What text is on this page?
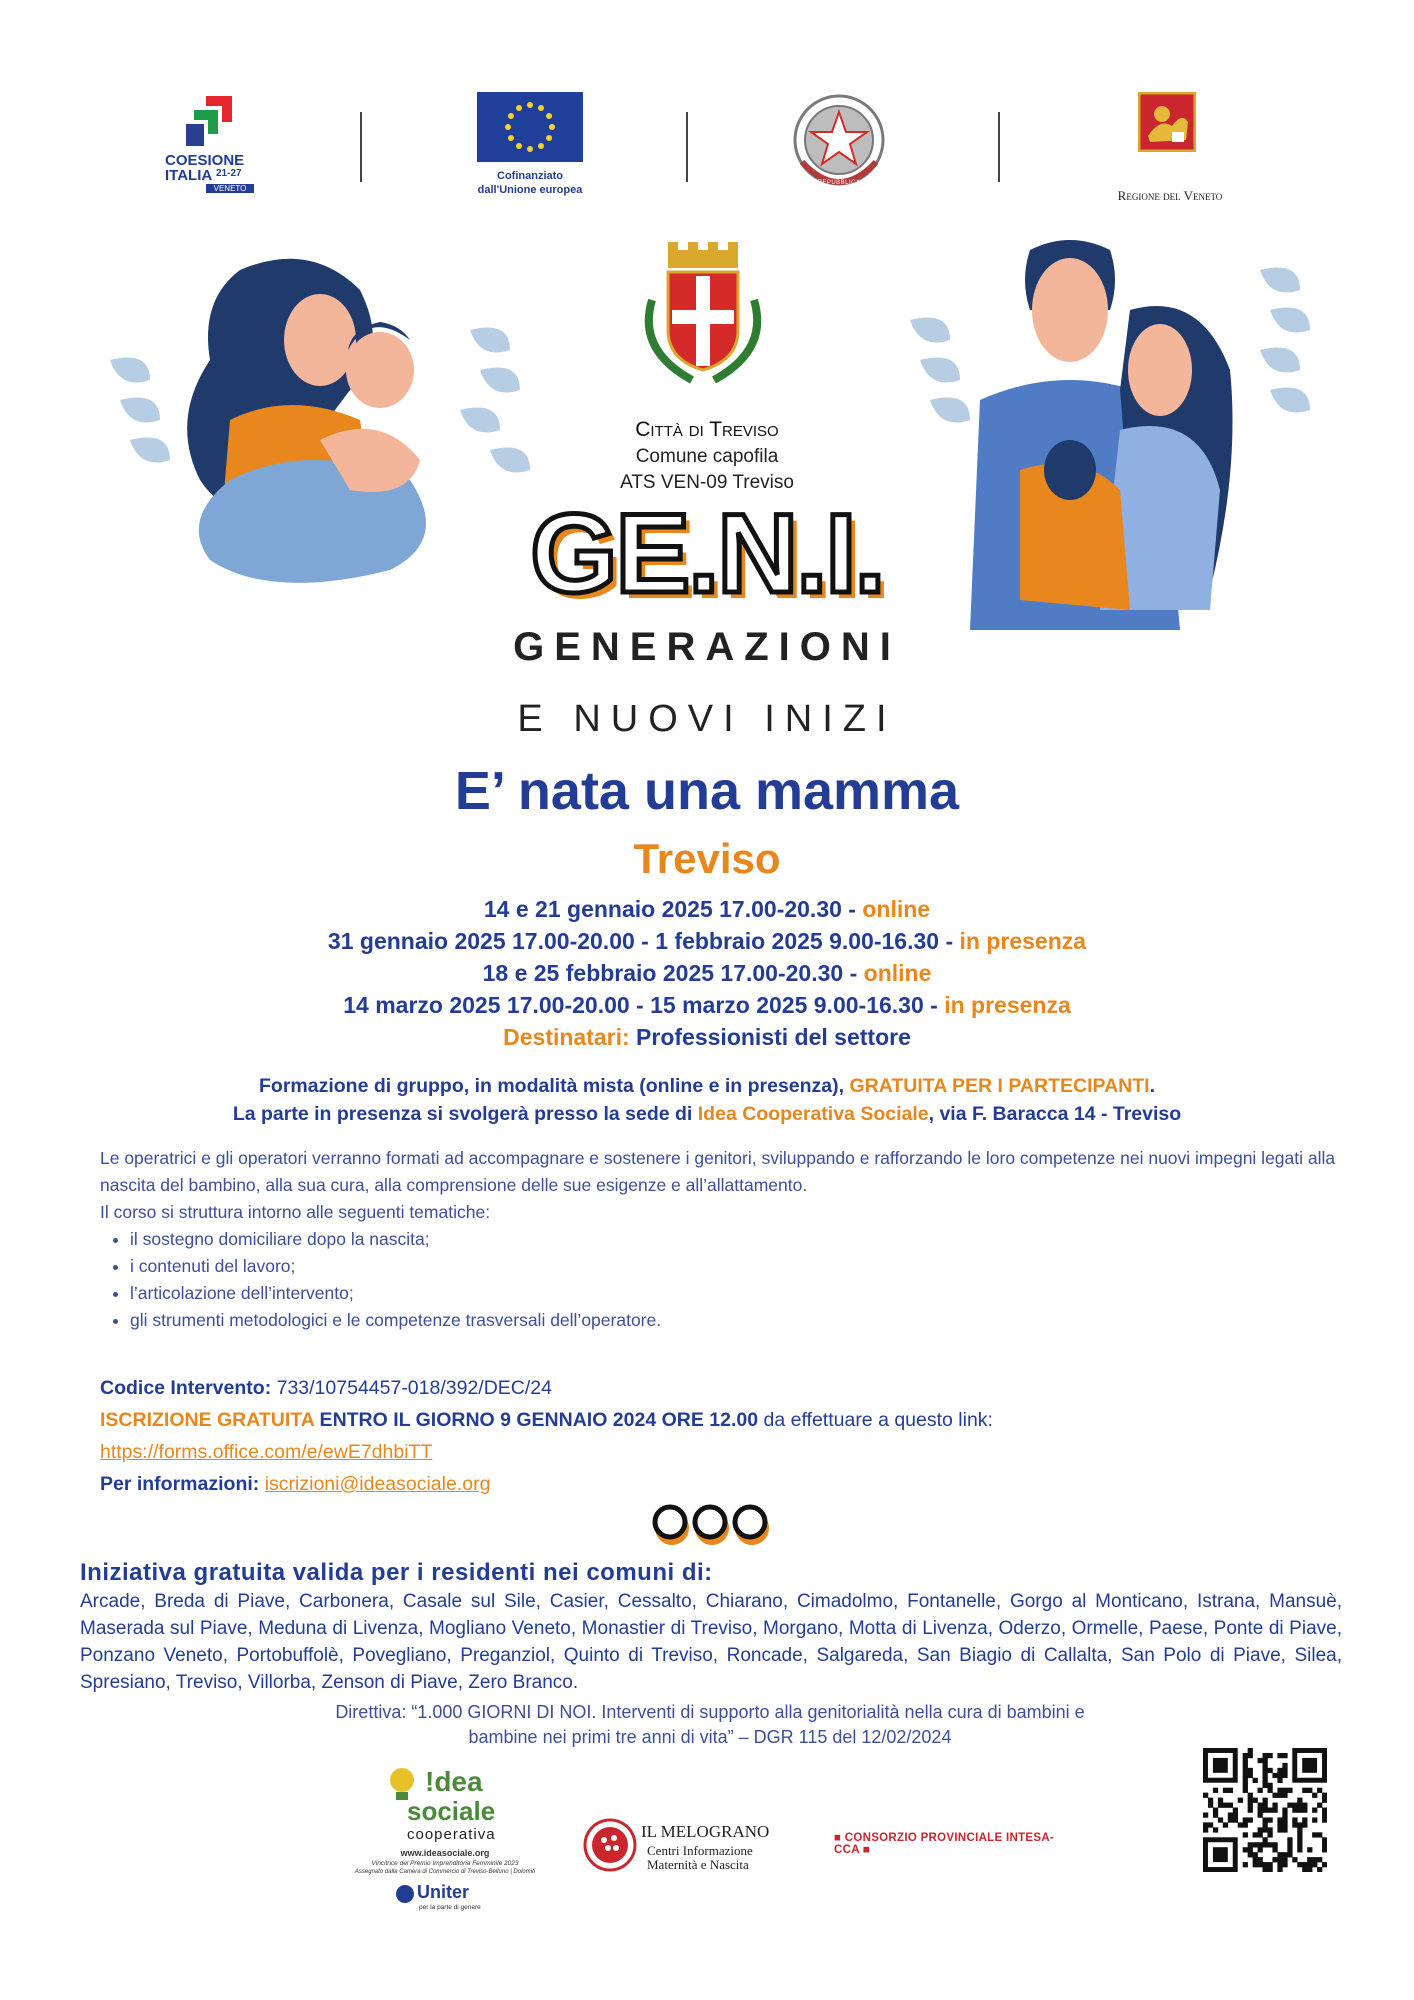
COESIONE
ITALIA 21-27
VENETO
Cofinanziato
dall'Unione europea
REPUBBLICA ITALIANA	Regione del Veneto
Città di Treviso
Comune capofila
ATS VEN-09 Treviso
GE.N.I.
GENERAZIONI
E NUOVI INIZI
E’ nata una mamma
Treviso
14 e 21 gennaio 2025 17.00-20.30 - online
31 gennaio 2025 17.00-20.00 - 1 febbraio 2025 9.00-16.30 - in presenza
18 e 25 febbraio 2025 17.00-20.30 - online
14 marzo 2025 17.00-20.00 - 15 marzo 2025 9.00-16.30 - in presenza
Destinatari: Professionisti del settore
Formazione di gruppo, in modalità mista (online e in presenza), GRATUITA PER I PARTECIPANTI.
La parte in presenza si svolgerà presso la sede di Idea Cooperativa Sociale, via F. Baracca 14 - Treviso
Le operatrici e gli operatori verranno formati ad accompagnare e sostenere i genitori, sviluppando e rafforzando le loro competenze nei nuovi impegni legati alla nascita del bambino, alla sua cura, alla comprensione delle sue esigenze e all’allattamento.
Il corso si struttura intorno alle seguenti tematiche:
• il sostegno domiciliare dopo la nascita;
• i contenuti del lavoro;
• l’articolazione dell’intervento;
• gli strumenti metodologici e le competenze trasversali dell’operatore.
Codice Intervento: 733/10754457-018/392/DEC/24
ISCRIZIONE GRATUITA ENTRO IL GIORNO 9 GENNAIO 2024 ORE 12.00 da effettuare a questo link:
https://forms.office.com/e/ewE7dhbiTT
Per informazioni: iscrizioni@ideasociale.org
Iniziativa gratuita valida per i residenti nei comuni di:
Arcade, Breda di Piave, Carbonera, Casale sul Sile, Casier, Cessalto, Chiarano, Cimadolmo, Fontanelle, Gorgo al Monticano, Istrana, Mansuè, Maserada sul Piave, Meduna di Livenza, Mogliano Veneto, Monastier di Treviso, Morgano, Motta di Livenza, Oderzo, Ormelle, Paese, Ponte di Piave, Ponzano Veneto, Portobuffolè, Povegliano, Preganziol, Quinto di Treviso, Roncade, Salgareda, San Biagio di Callalta, San Polo di Piave, Silea, Spresiano, Treviso, Villorba, Zenson di Piave, Zero Branco.
Direttiva: “1.000 GIORNI DI NOI. Interventi di supporto alla genitorialità nella cura di bambini e
bambine nei primi tre anni di vita” – DGR 115 del 12/02/2024
!dea
sociale
cooperativa
www.ideasociale.org
Vincitrice del Premio Imprenditoria Femminile 2023
Assegnato dalla Camera di Commercio di Treviso-Belluno | Dolomiti
Uniter
per la parte di genere
IL MELOGRANO
Centri Informazione
Maternità e Nascita
■ CONSORZIO PROVINCIALE INTESA-CCA ■
